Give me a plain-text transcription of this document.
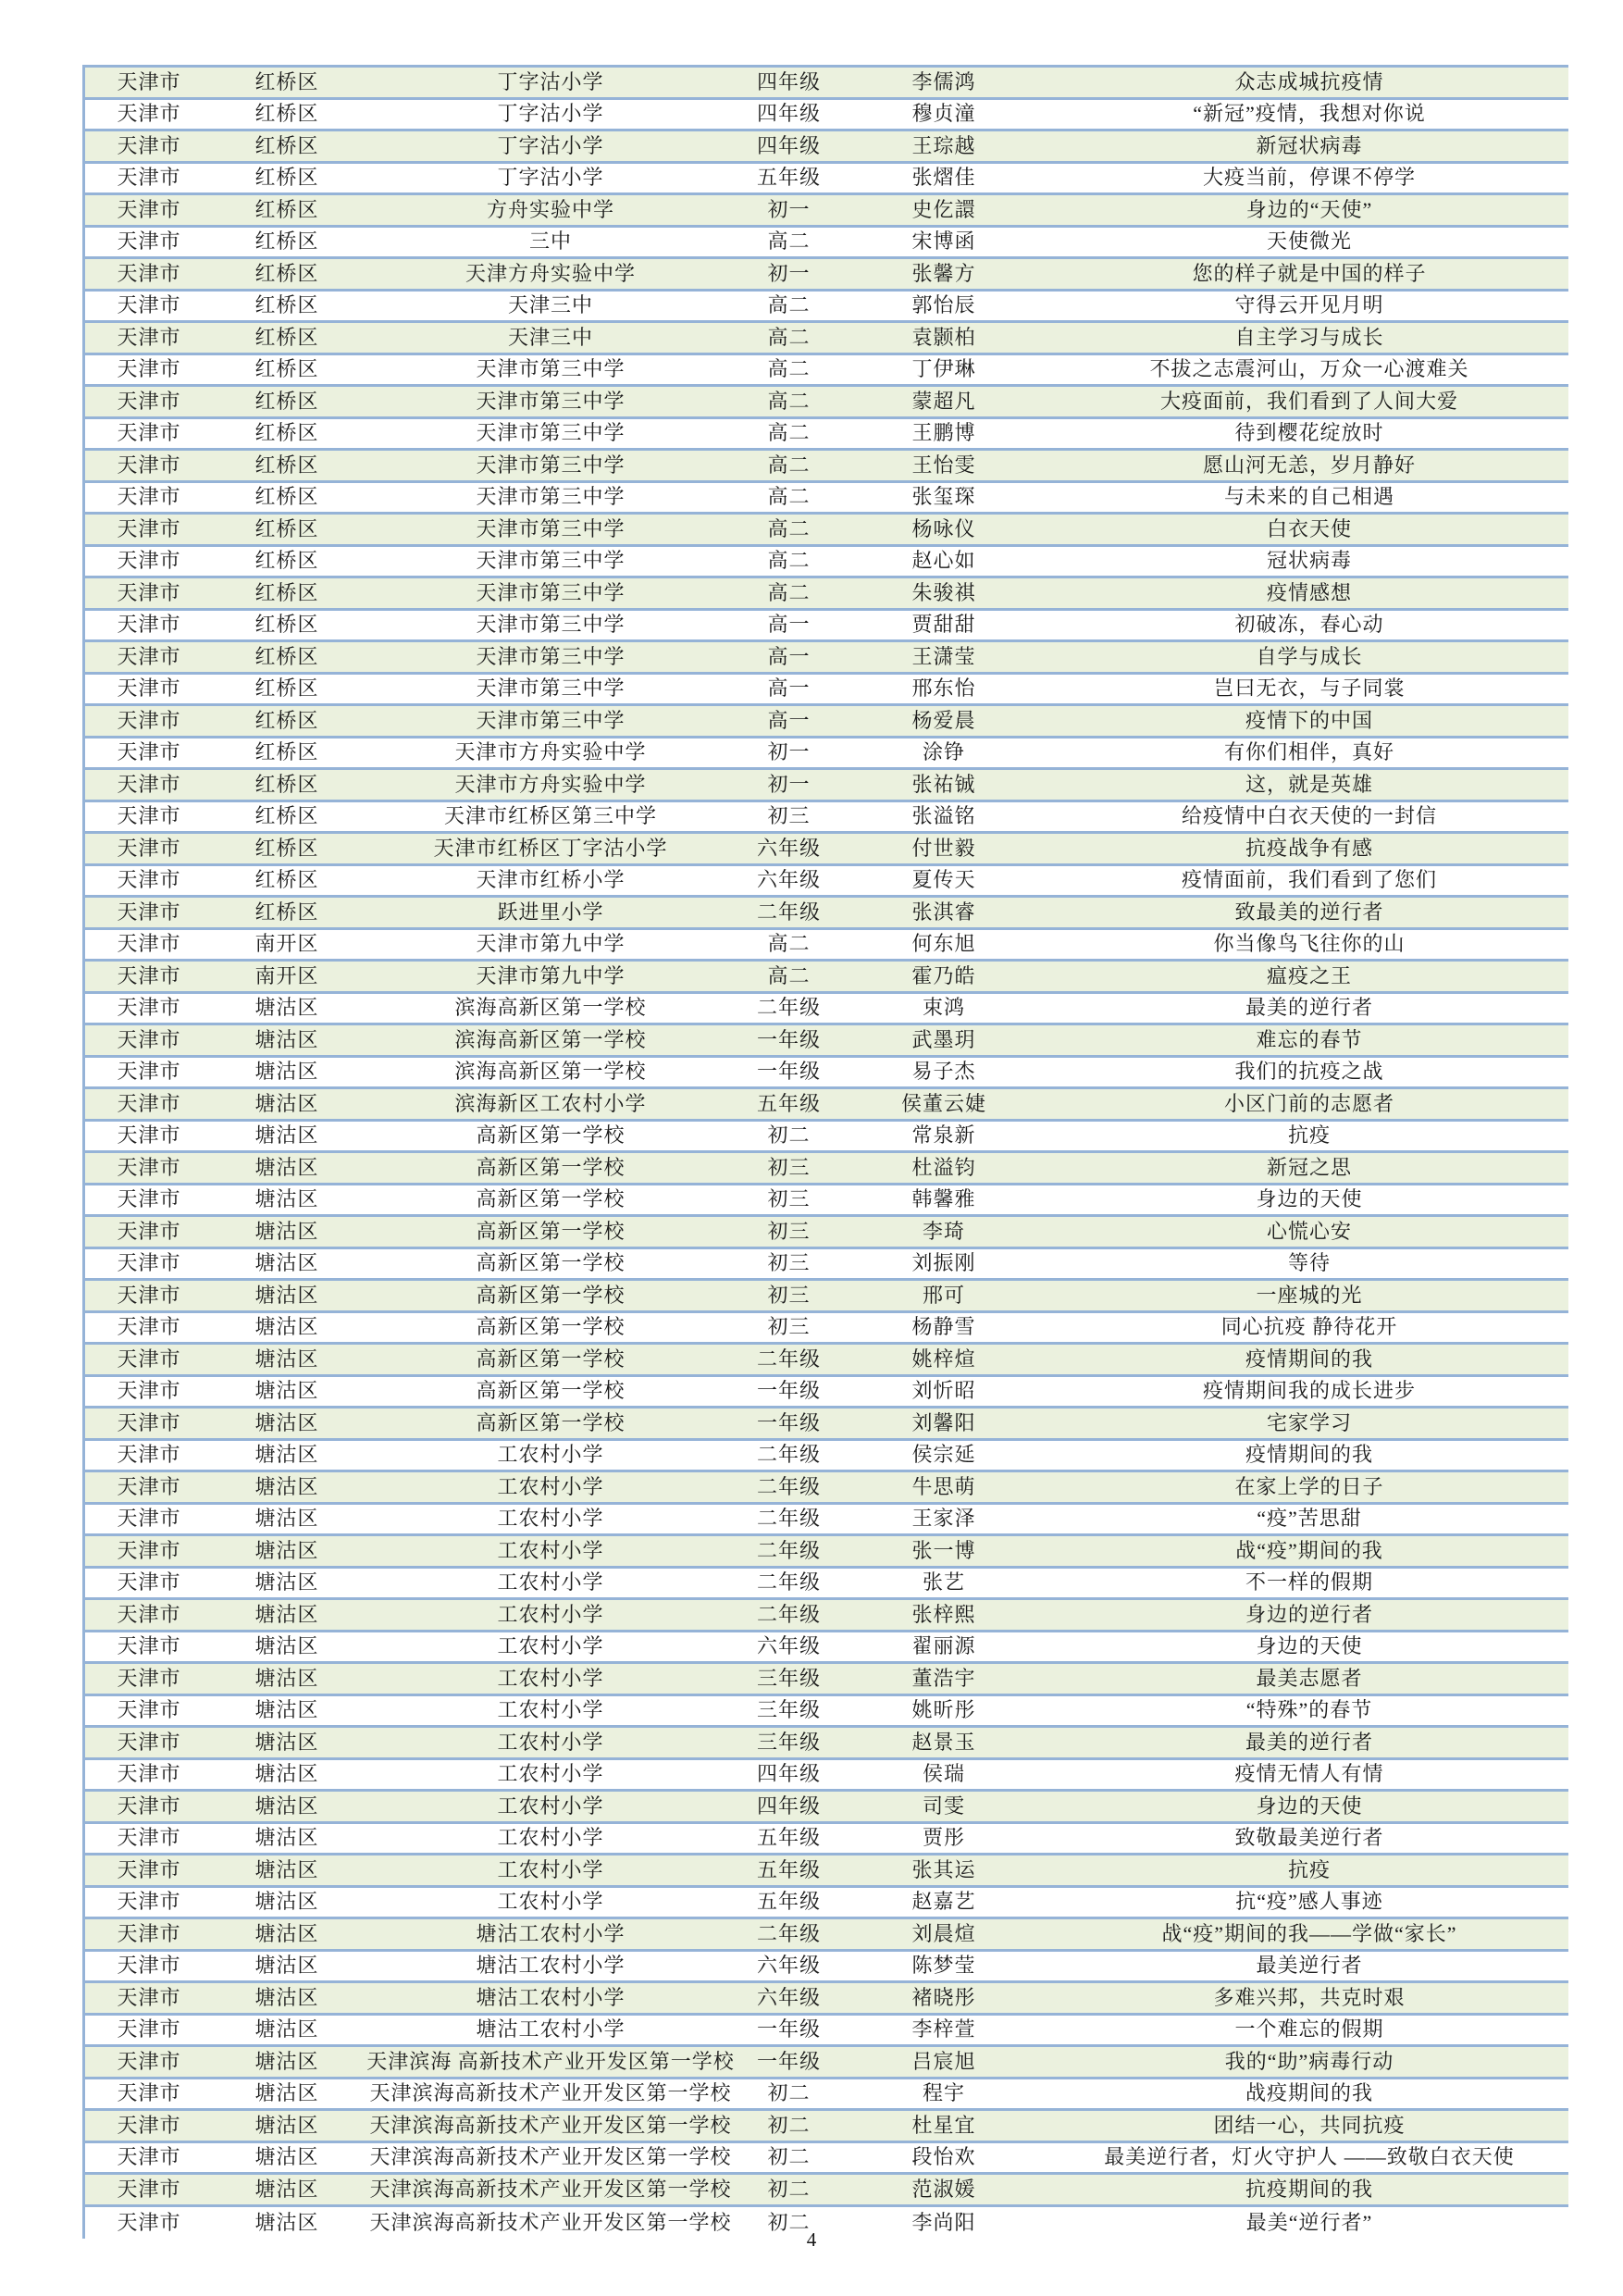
天津市	红桥区	丁字沽小学	四年级	李儒鸿	众志成城抗疫情
天津市	红桥区	丁字沽小学	四年级	穆贞潼	“新冠”疫情，我想对你说
天津市	红桥区	丁字沽小学	四年级	王琮越	新冠状病毒
天津市	红桥区	丁字沽小学	五年级	张熠佳	大疫当前，停课不停学
天津市	红桥区	方舟实验中学	初一	史仡譞	身边的“天使”
天津市	红桥区	三中	高二	宋博函	天使微光
天津市	红桥区	天津方舟实验中学	初一	张馨方	您的样子就是中国的样子
天津市	红桥区	天津三中	高二	郭怡辰	守得云开见月明
天津市	红桥区	天津三中	高二	袁颢柏	自主学习与成长
天津市	红桥区	天津市第三中学	高二	丁伊琳	不拔之志震河山，万众一心渡难关
天津市	红桥区	天津市第三中学	高二	蒙超凡	大疫面前，我们看到了人间大爱
天津市	红桥区	天津市第三中学	高二	王鹏博	待到樱花绽放时
天津市	红桥区	天津市第三中学	高二	王怡雯	愿山河无恙，岁月静好
天津市	红桥区	天津市第三中学	高二	张玺琛	与未来的自己相遇
天津市	红桥区	天津市第三中学	高二	杨咏仪	白衣天使
天津市	红桥区	天津市第三中学	高二	赵心如	冠状病毒
天津市	红桥区	天津市第三中学	高二	朱骏祺	疫情感想
天津市	红桥区	天津市第三中学	高一	贾甜甜	初破冻，春心动
天津市	红桥区	天津市第三中学	高一	王潇莹	自学与成长
天津市	红桥区	天津市第三中学	高一	邢东怡	岂曰无衣，与子同裳
天津市	红桥区	天津市第三中学	高一	杨爱晨	疫情下的中国
天津市	红桥区	天津市方舟实验中学	初一	涂铮	有你们相伴，真好
天津市	红桥区	天津市方舟实验中学	初一	张祐铖	这，就是英雄
天津市	红桥区	天津市红桥区第三中学	初三	张溢铭	给疫情中白衣天使的一封信
天津市	红桥区	天津市红桥区丁字沽小学	六年级	付世毅	抗疫战争有感
天津市	红桥区	天津市红桥小学	六年级	夏传天	疫情面前，我们看到了您们
天津市	红桥区	跃进里小学	二年级	张淇睿	致最美的逆行者
天津市	南开区	天津市第九中学	高二	何东旭	你当像鸟飞往你的山
天津市	南开区	天津市第九中学	高二	霍乃皓	瘟疫之王
天津市	塘沽区	滨海高新区第一学校	二年级	束鸿	最美的逆行者
天津市	塘沽区	滨海高新区第一学校	一年级	武墨玥	难忘的春节
天津市	塘沽区	滨海高新区第一学校	一年级	易子杰	我们的抗疫之战
天津市	塘沽区	滨海新区工农村小学	五年级	侯董云婕	小区门前的志愿者
天津市	塘沽区	高新区第一学校	初二	常泉新	抗疫
天津市	塘沽区	高新区第一学校	初三	杜溢钧	新冠之思
天津市	塘沽区	高新区第一学校	初三	韩馨雅	身边的天使
天津市	塘沽区	高新区第一学校	初三	李琦	心慌心安
天津市	塘沽区	高新区第一学校	初三	刘振刚	等待
天津市	塘沽区	高新区第一学校	初三	邢可	一座城的光
天津市	塘沽区	高新区第一学校	初三	杨静雪	同心抗疫 静待花开
天津市	塘沽区	高新区第一学校	二年级	姚梓煊	疫情期间的我
天津市	塘沽区	高新区第一学校	一年级	刘忻昭	疫情期间我的成长进步
天津市	塘沽区	高新区第一学校	一年级	刘馨阳	宅家学习
天津市	塘沽区	工农村小学	二年级	侯宗延	疫情期间的我
天津市	塘沽区	工农村小学	二年级	牛思萌	在家上学的日子
天津市	塘沽区	工农村小学	二年级	王家泽	“疫”苦思甜
天津市	塘沽区	工农村小学	二年级	张一博	战“疫”期间的我
天津市	塘沽区	工农村小学	二年级	张艺	不一样的假期
天津市	塘沽区	工农村小学	二年级	张梓熙	身边的逆行者
天津市	塘沽区	工农村小学	六年级	翟丽源	身边的天使
天津市	塘沽区	工农村小学	三年级	董浩宇	最美志愿者
天津市	塘沽区	工农村小学	三年级	姚昕彤	“特殊”的春节
天津市	塘沽区	工农村小学	三年级	赵景玉	最美的逆行者
天津市	塘沽区	工农村小学	四年级	侯瑞	疫情无情人有情
天津市	塘沽区	工农村小学	四年级	司雯	身边的天使
天津市	塘沽区	工农村小学	五年级	贾彤	致敬最美逆行者
天津市	塘沽区	工农村小学	五年级	张其运	抗疫
天津市	塘沽区	工农村小学	五年级	赵嘉艺	抗“疫”感人事迹
天津市	塘沽区	塘沽工农村小学	二年级	刘晨煊	战“疫”期间的我——学做“家长”
天津市	塘沽区	塘沽工农村小学	六年级	陈梦莹	最美逆行者
天津市	塘沽区	塘沽工农村小学	六年级	褚晓彤	多难兴邦，共克时艰
天津市	塘沽区	塘沽工农村小学	一年级	李梓萱	一个难忘的假期
天津市	塘沽区	天津滨海 高新技术产业开发区第一学校	一年级	吕宸旭	我的“助”病毒行动
天津市	塘沽区	天津滨海高新技术产业开发区第一学校	初二	程宇	战疫期间的我
天津市	塘沽区	天津滨海高新技术产业开发区第一学校	初二	杜星宜	团结一心，共同抗疫
天津市	塘沽区	天津滨海高新技术产业开发区第一学校	初二	段怡欢	最美逆行者，灯火守护人 ——致敬白衣天使
天津市	塘沽区	天津滨海高新技术产业开发区第一学校	初二	范淑媛	抗疫期间的我
天津市	塘沽区	天津滨海高新技术产业开发区第一学校	初二	李尚阳	最美“逆行者”
4
